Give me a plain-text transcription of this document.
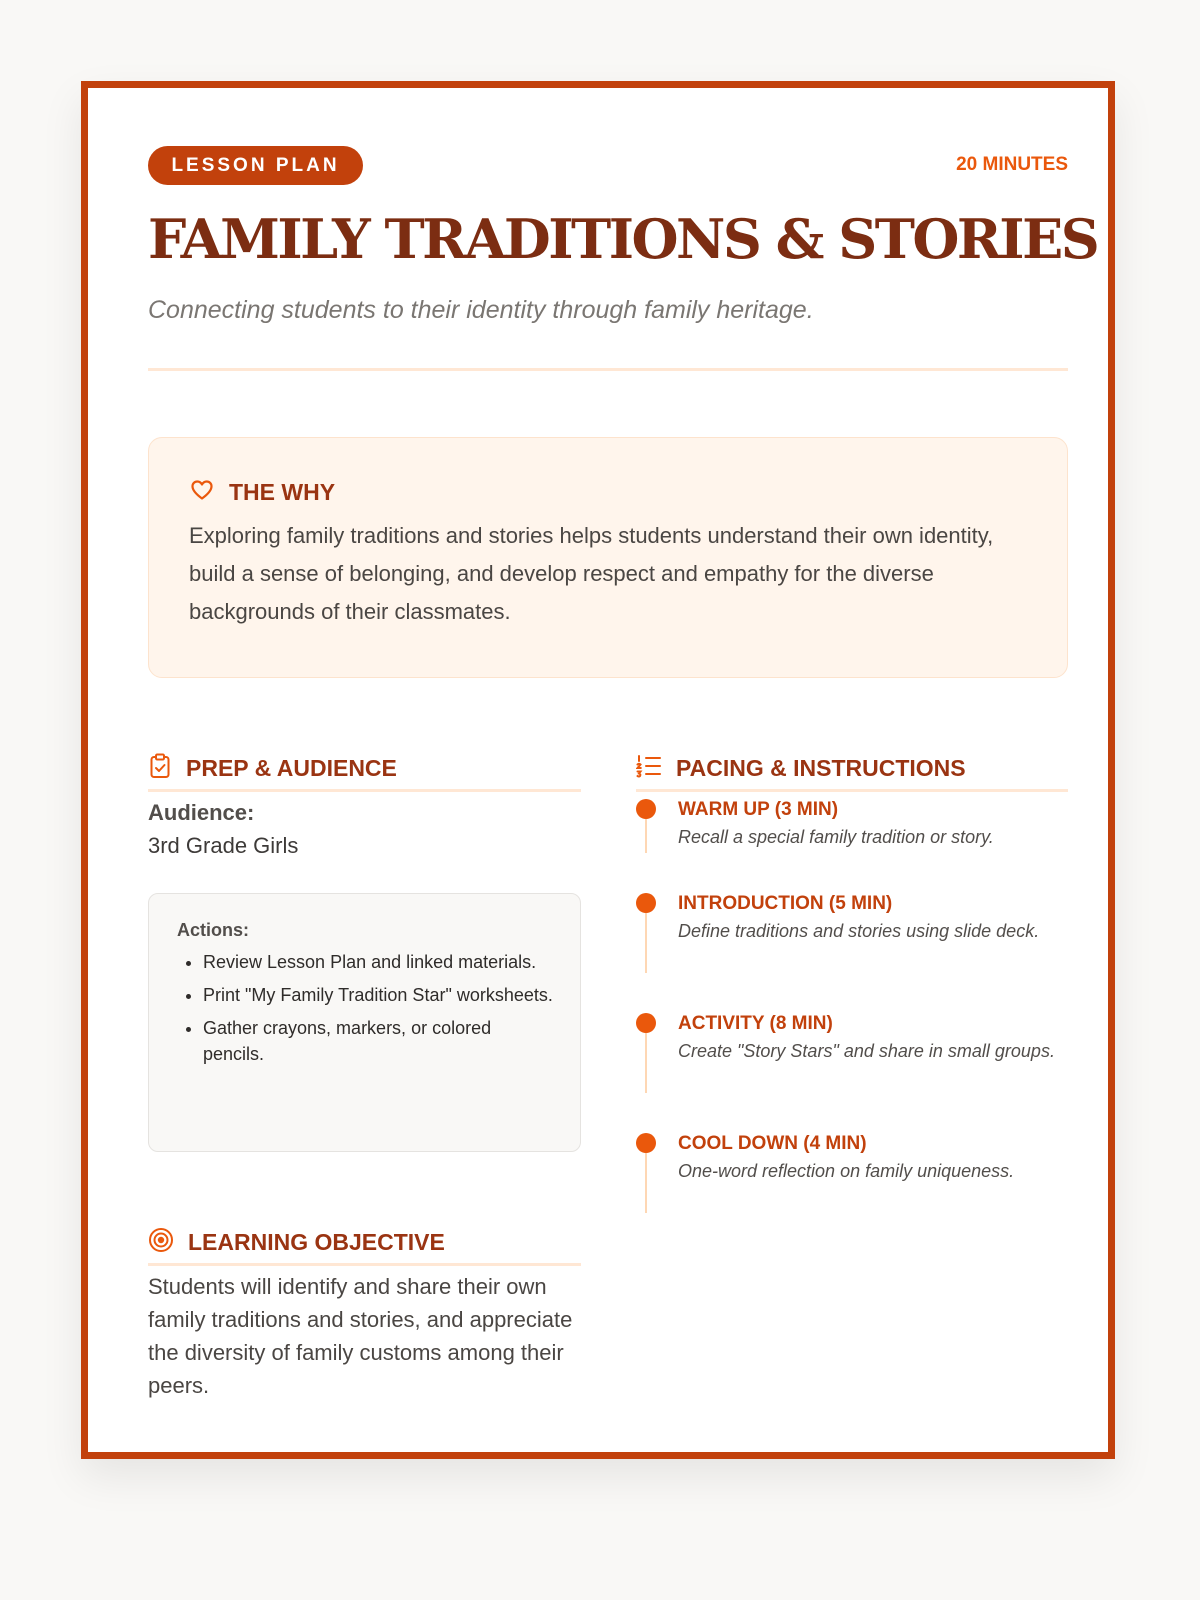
LESSON PLAN	20 MINUTES
FAMILY TRADITIONS & STORIES
Connecting students to their identity through family heritage.
THE WHY
Exploring family traditions and stories helps students understand their own identity, build a sense of belonging, and develop respect and empathy for the diverse backgrounds of their classmates.
PREP & AUDIENCE
Audience:
3rd Grade Girls
Actions:
• Review Lesson Plan and linked materials.
• Print "My Family Tradition Star" worksheets.
• Gather crayons, markers, or colored pencils.
LEARNING OBJECTIVE
Students will identify and share their own family traditions and stories, and appreciate the diversity of family customs among their peers.
PACING & INSTRUCTIONS
WARM UP (3 MIN)
Recall a special family tradition or story.
INTRODUCTION (5 MIN)
Define traditions and stories using slide deck.
ACTIVITY (8 MIN)
Create "Story Stars" and share in small groups.
COOL DOWN (4 MIN)
One-word reflection on family uniqueness.
